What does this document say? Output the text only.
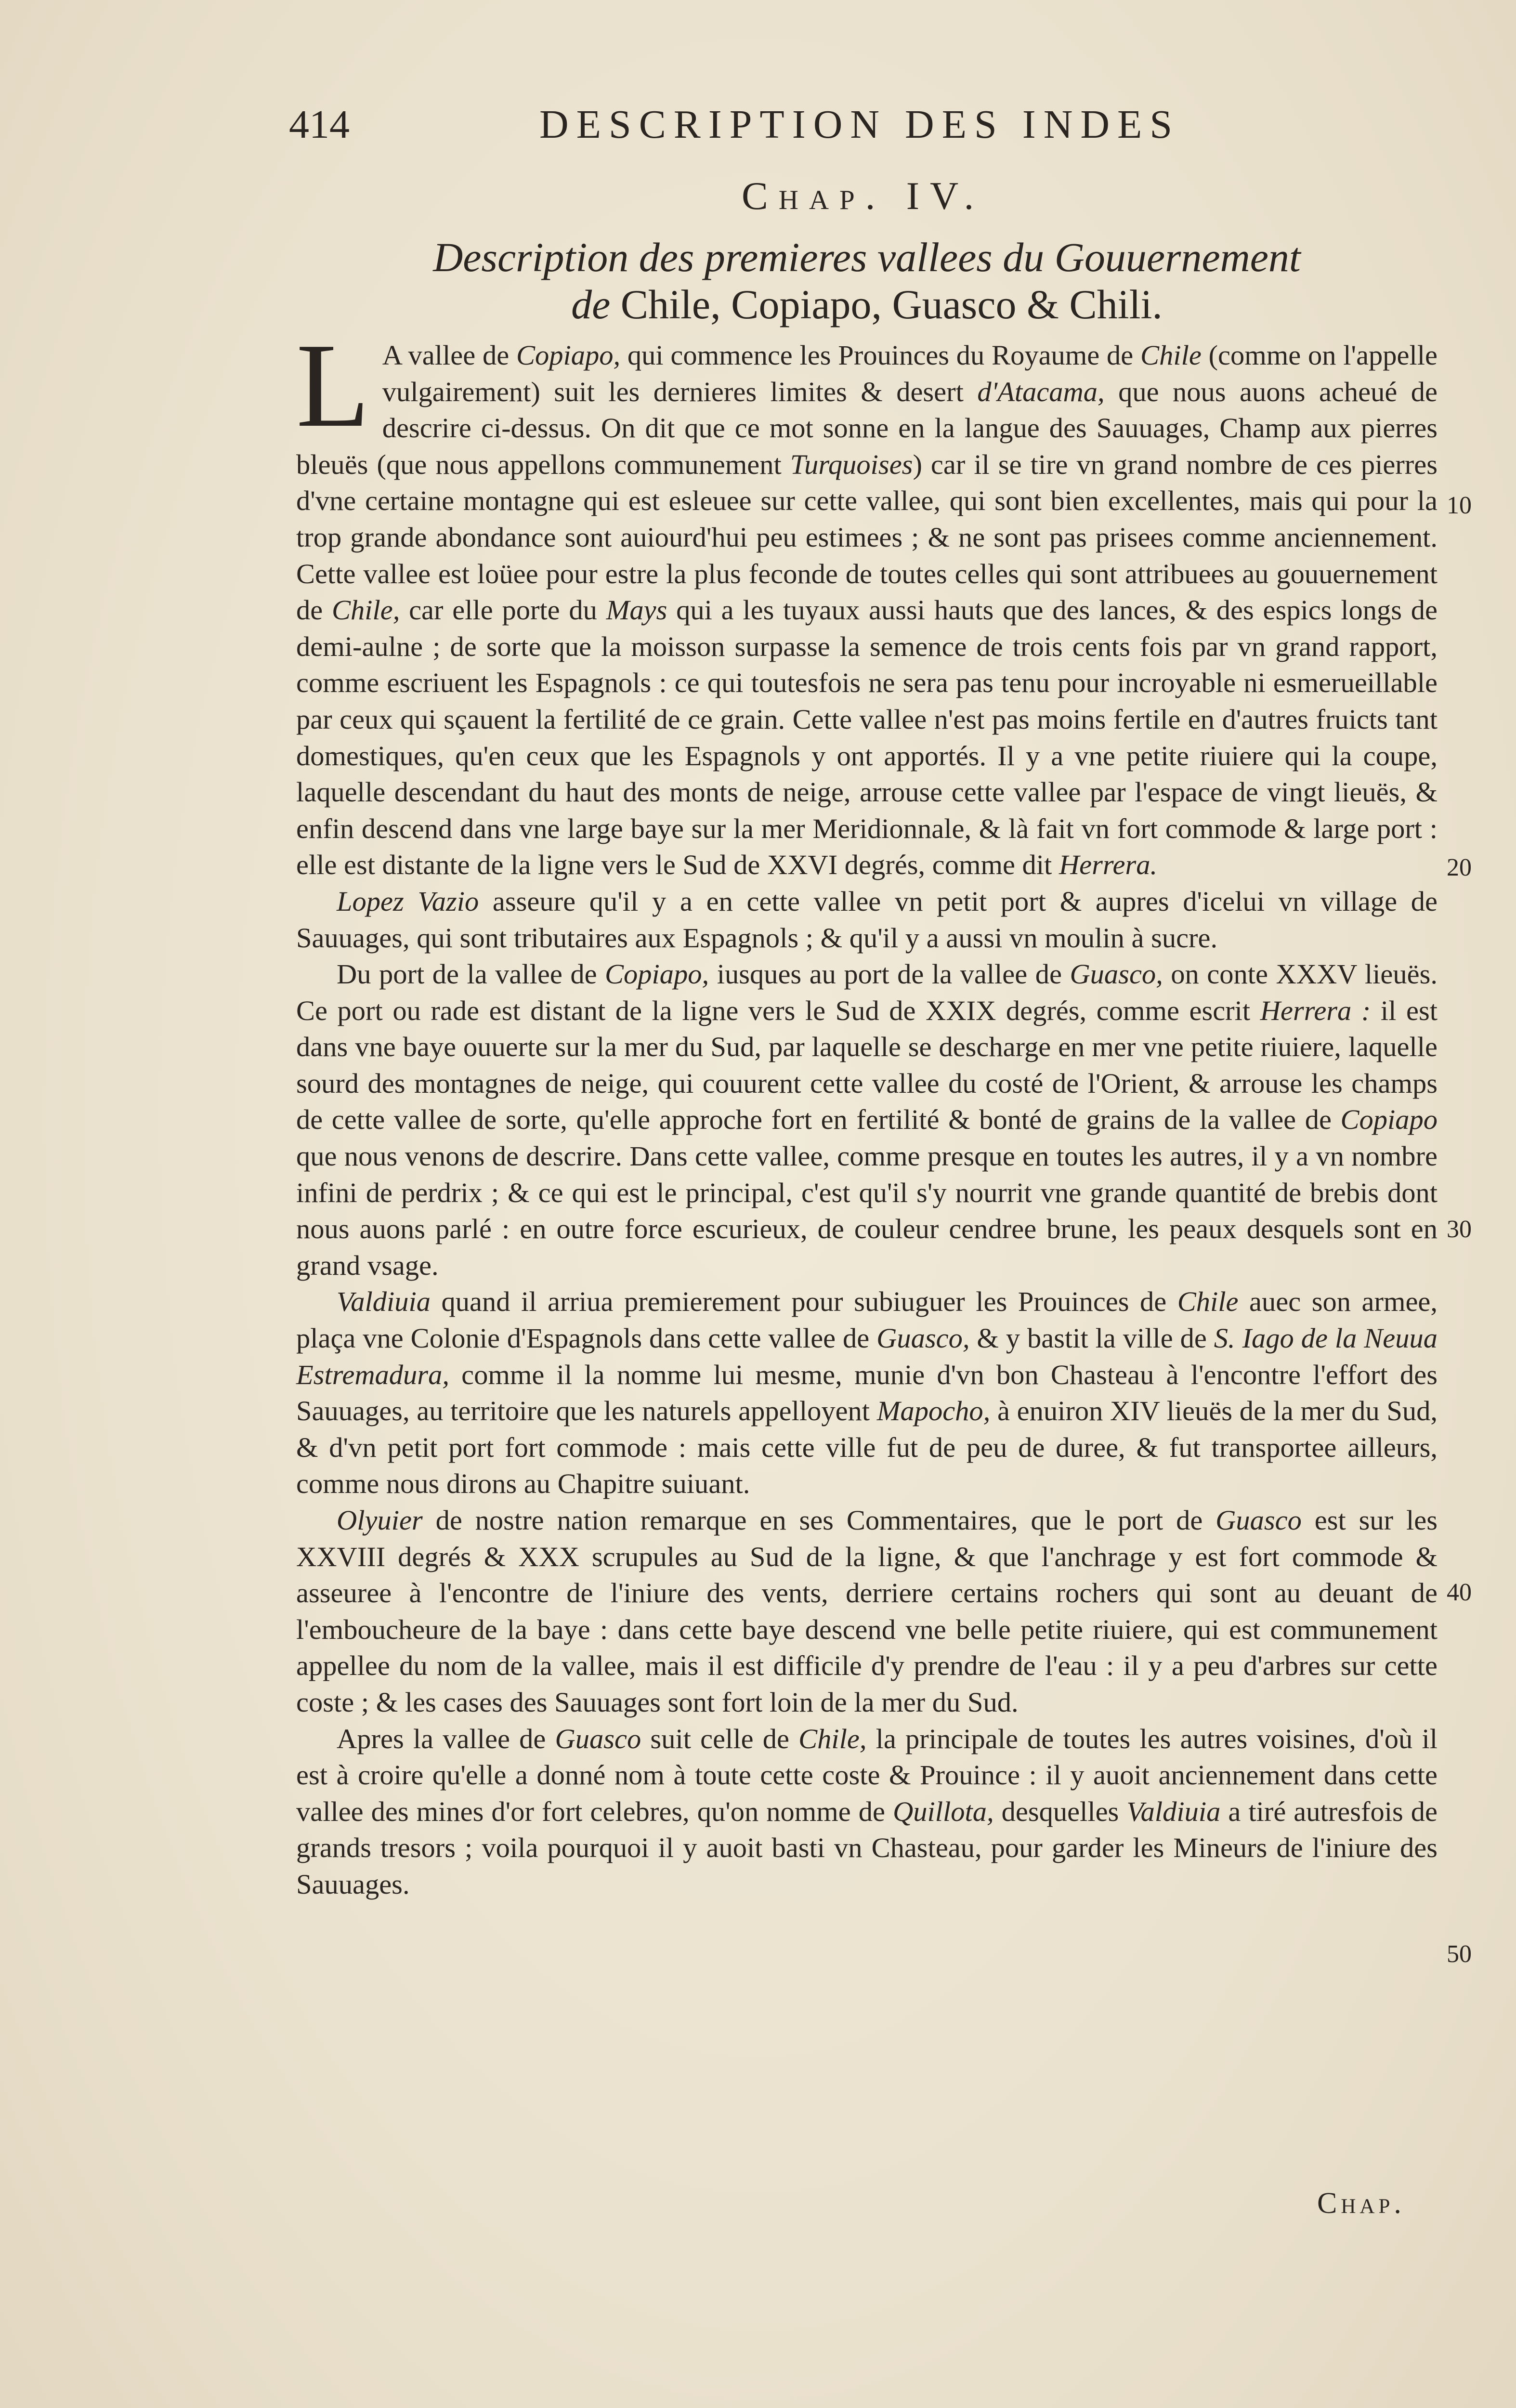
414	DESCRIPTION DES INDES
Chap. IV.
Description des premieres vallees du Gouuernement de Chile, Copiapo, Guasco & Chili.

L A vallee de Copiapo, qui commence les Prouinces du Royaume de Chile (comme on l'appelle vulgairement) suit les dernieres limites & desert d'Atacama, que nous auons acheué de descrire ci-dessus. On dit que ce mot sonne en la langue des Sauuages, Champ aux pierres bleuës (que nous appellons communement Turquoises) car il se tire vn grand nombre de ces pierres d'vne certaine montagne qui est esleuee sur cette vallee, qui sont bien excellentes, mais qui pour la trop grande abondance sont auiourd'hui peu estimees ; & ne sont pas prisees comme anciennement. Cette vallee est loüee pour estre la plus feconde de toutes celles qui sont attribuees au gouuernement de Chile, car elle porte du Mays qui a les tuyaux aussi hauts que des lances, & des espics longs de demi-aulne ; de sorte que la moisson surpasse la semence de trois cents fois par vn grand rapport, comme escriuent les Espagnols : ce qui toutesfois ne sera pas tenu pour incroyable ni esmerueillable par ceux qui sçauent la fertilité de ce grain. Cette vallee n'est pas moins fertile en d'autres fruicts tant domestiques, qu'en ceux que les Espagnols y ont apportés. Il y a vne petite riuiere qui la coupe, laquelle descendant du haut des monts de neige, arrouse cette vallee par l'espace de vingt lieuës, & enfin descend dans vne large baye sur la mer Meridionnale, & là fait vn fort commode & large port : elle est distante de la ligne vers le Sud de XXVI degrés, comme dit Herrera.

Lopez Vazio asseure qu'il y a en cette vallee vn petit port & aupres d'icelui vn village de Sauuages, qui sont tributaires aux Espagnols ; & qu'il y a aussi vn moulin à sucre.

Du port de la vallee de Copiapo, iusques au port de la vallee de Guasco, on conte XXXV lieuës. Ce port ou rade est distant de la ligne vers le Sud de XXIX degrés, comme escrit Herrera : il est dans vne baye ouuerte sur la mer du Sud, par laquelle se descharge en mer vne petite riuiere, laquelle sourd des montagnes de neige, qui couurent cette vallee du costé de l'Orient, & arrouse les champs de cette vallee de sorte, qu'elle approche fort en fertilité & bonté de grains de la vallee de Copiapo que nous venons de descrire. Dans cette vallee, comme presque en toutes les autres, il y a vn nombre infini de perdrix ; & ce qui est le principal, c'est qu'il s'y nourrit vne grande quantité de brebis dont nous auons parlé : en outre force escurieux, de couleur cendree brune, les peaux desquels sont en grand vsage.

Valdiuia quand il arriua premierement pour subiuguer les Prouinces de Chile auec son armee, plaça vne Colonie d'Espagnols dans cette vallee de Guasco, & y bastit la ville de S. Iago de la Neuua Estremadura, comme il la nomme lui mesme, munie d'vn bon Chasteau à l'encontre l'effort des Sauuages, au territoire que les naturels appelloyent Mapocho, à enuiron XIV lieuës de la mer du Sud, & d'vn petit port fort commode : mais cette ville fut de peu de duree, & fut transportee ailleurs, comme nous dirons au Chapitre suiuant.

Olyuier de nostre nation remarque en ses Commentaires, que le port de Guasco est sur les XXVIII degrés & XXX scrupules au Sud de la ligne, & que l'anchrage y est fort commode & asseuree à l'encontre de l'iniure des vents, derriere certains rochers qui sont au deuant de l'emboucheure de la baye : dans cette baye descend vne belle petite riuiere, qui est communement appellee du nom de la vallee, mais il est difficile d'y prendre de l'eau : il y a peu d'arbres sur cette coste ; & les cases des Sauuages sont fort loin de la mer du Sud.

Apres la vallee de Guasco suit celle de Chile, la principale de toutes les autres voisines, d'où il est à croire qu'elle a donné nom à toute cette coste & Prouince : il y auoit anciennement dans cette vallee des mines d'or fort celebres, qu'on nomme de Quillota, desquelles Valdiuia a tiré autresfois de grands tresors ; voila pourquoi il y auoit basti vn Chasteau, pour garder les Mineurs de l'iniure des Sauuages.

10
20
30
40
50
Chap.
